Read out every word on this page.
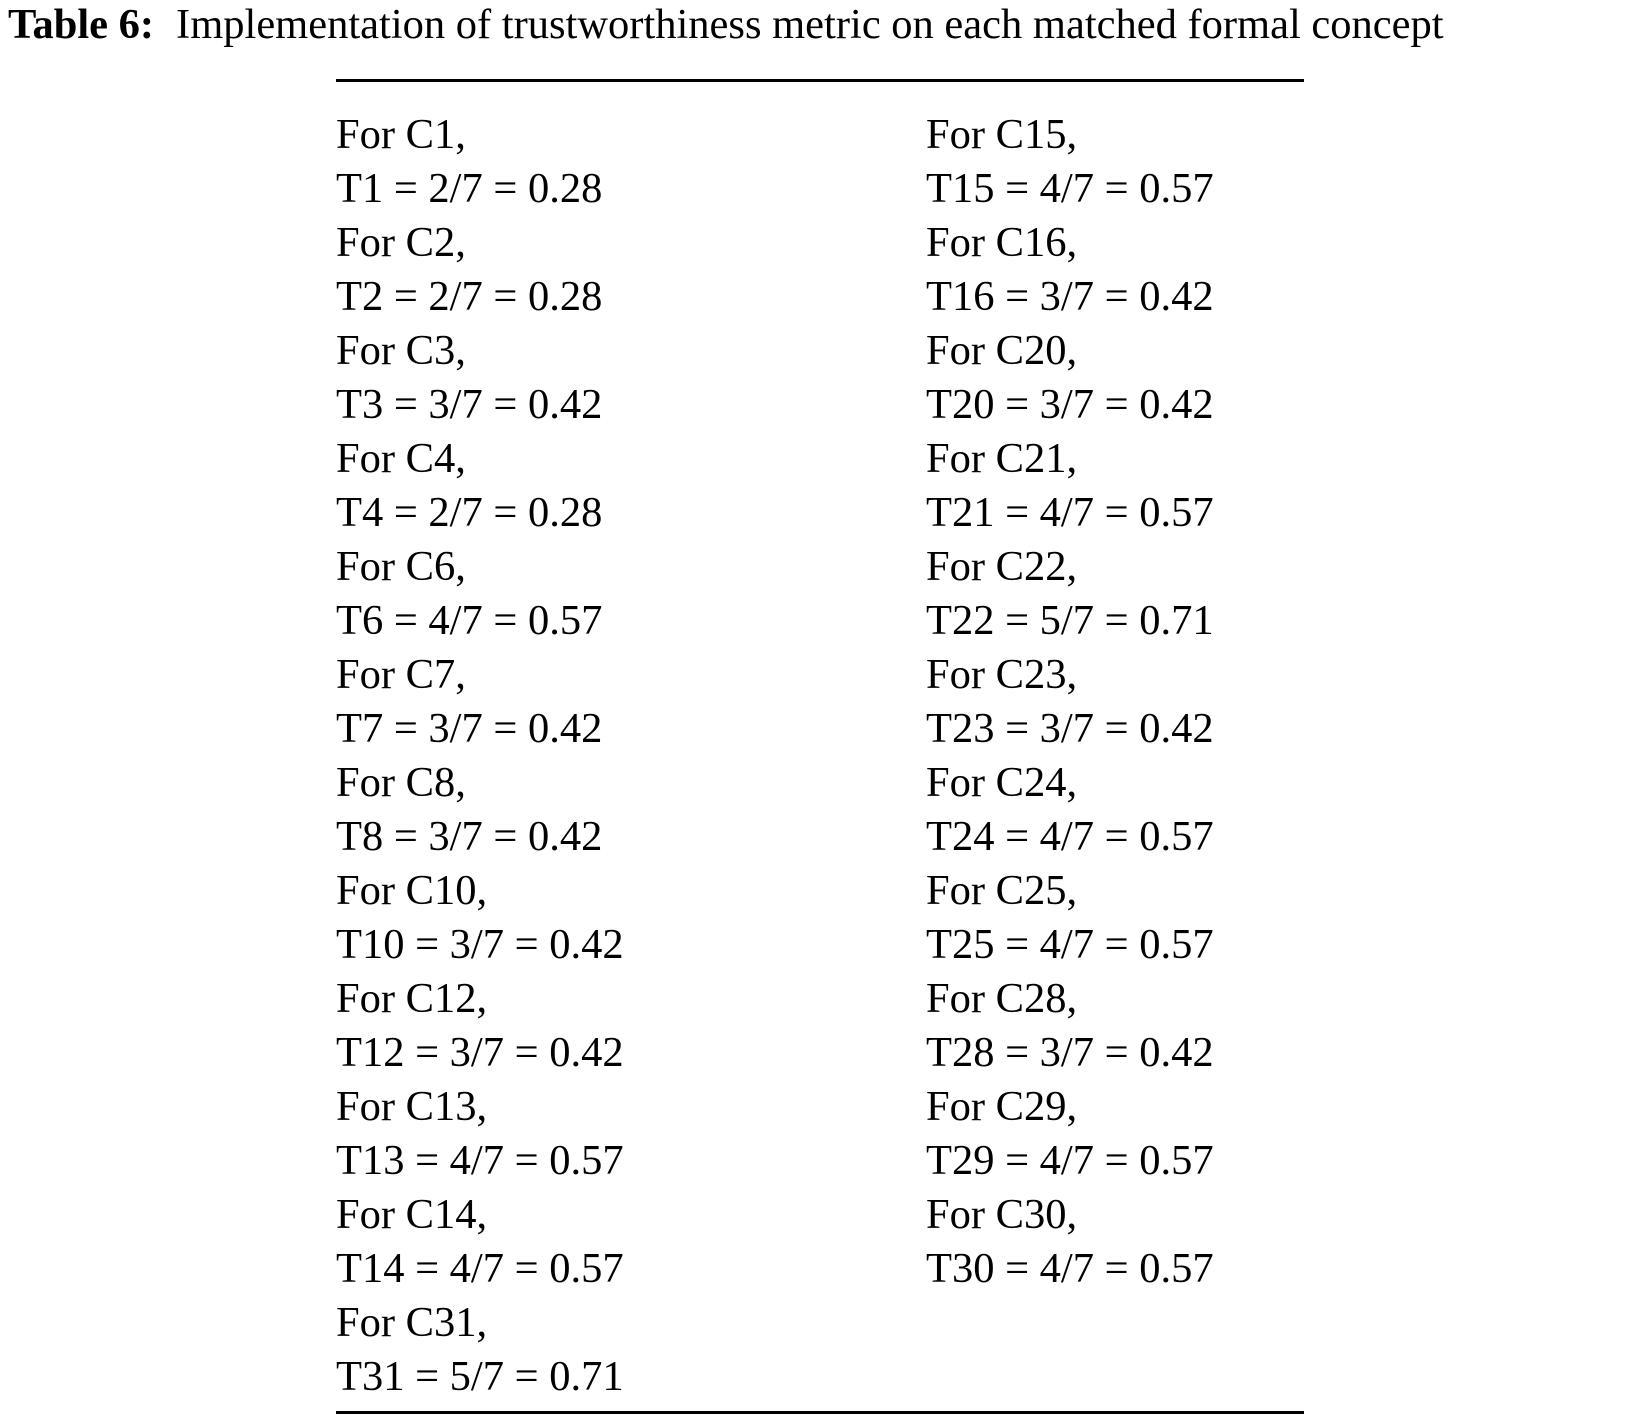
Table 6: Implementation of trustworthiness metric on each matched formal concept
For C1,
T1 = 2/7 = 0.28
For C2,
T2 = 2/7 = 0.28
For C3,
T3 = 3/7 = 0.42
For C4,
T4 = 2/7 = 0.28
For C6,
T6 = 4/7 = 0.57
For C7,
T7 = 3/7 = 0.42
For C8,
T8 = 3/7 = 0.42
For C10,
T10 = 3/7 = 0.42
For C12,
T12 = 3/7 = 0.42
For C13,
T13 = 4/7 = 0.57
For C14,
T14 = 4/7 = 0.57
For C31,
T31 = 5/7 = 0.71
For C15,
T15 = 4/7 = 0.57
For C16,
T16 = 3/7 = 0.42
For C20,
T20 = 3/7 = 0.42
For C21,
T21 = 4/7 = 0.57
For C22,
T22 = 5/7 = 0.71
For C23,
T23 = 3/7 = 0.42
For C24,
T24 = 4/7 = 0.57
For C25,
T25 = 4/7 = 0.57
For C28,
T28 = 3/7 = 0.42
For C29,
T29 = 4/7 = 0.57
For C30,
T30 = 4/7 = 0.57
